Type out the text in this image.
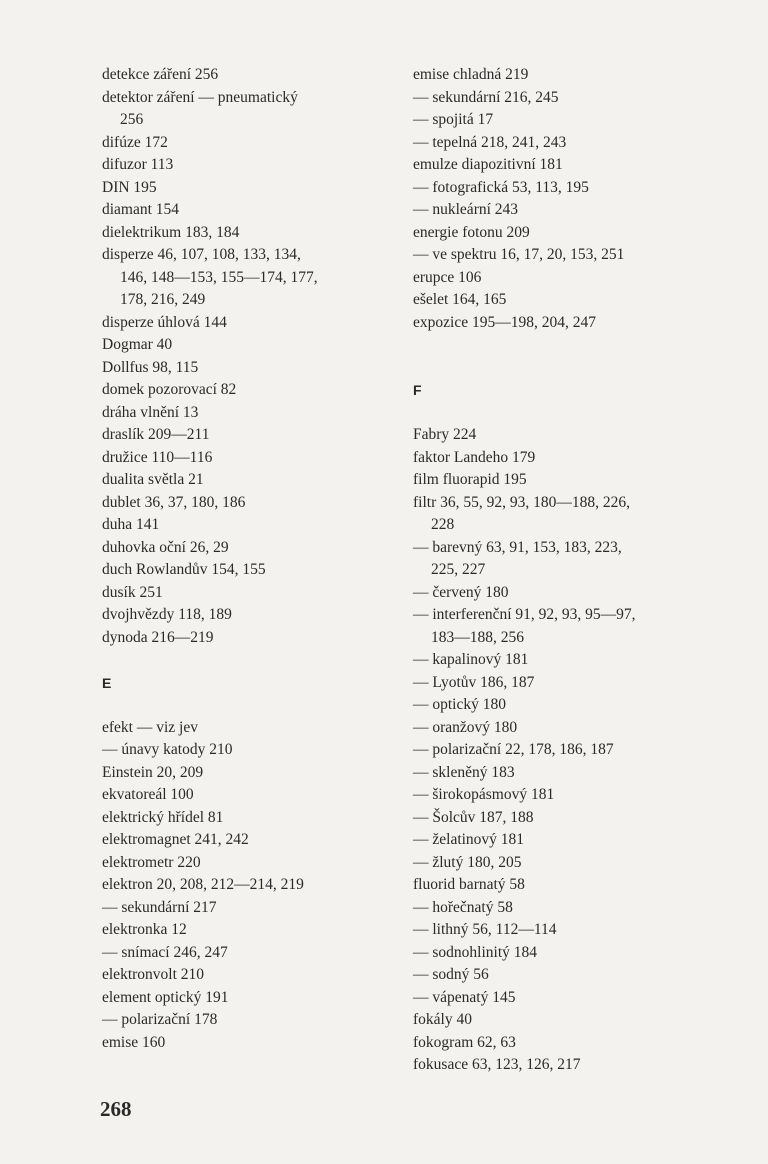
detekce záření 256
detektor záření — pneumatický
256
difúze 172
difuzor 113
DIN 195
diamant 154
dielektrikum 183, 184
disperze 46, 107, 108, 133, 134,
146, 148—153, 155—174, 177,
178, 216, 249
disperze úhlová 144
Dogmar 40
Dollfus 98, 115
domek pozorovací 82
dráha vlnění 13
draslík 209—211
družice 110—116
dualita světla 21
dublet 36, 37, 180, 186
duha 141
duhovka oční 26, 29
duch Rowlandův 154, 155
dusík 251
dvojhvězdy 118, 189
dynoda 216—219
E
efekt — viz jev
— únavy katody 210
Einstein 20, 209
ekvatoreál 100
elektrický hřídel 81
elektromagnet 241, 242
elektrometr 220
elektron 20, 208, 212—214, 219
— sekundární 217
elektronka 12
— snímací 246, 247
elektronvolt 210
element optický 191
— polarizační 178
emise 160
emise chladná 219
— sekundární 216, 245
— spojitá 17
— tepelná 218, 241, 243
emulze diapozitivní 181
— fotografická 53, 113, 195
— nukleární 243
energie fotonu 209
— ve spektru 16, 17, 20, 153, 251
erupce 106
ešelet 164, 165
expozice 195—198, 204, 247
F
Fabry 224
faktor Landeho 179
film fluorapid 195
filtr 36, 55, 92, 93, 180—188, 226,
228
— barevný 63, 91, 153, 183, 223,
225, 227
— červený 180
— interferenční 91, 92, 93, 95—97,
183—188, 256
— kapalinový 181
— Lyotův 186, 187
— optický 180
— oranžový 180
— polarizační 22, 178, 186, 187
— skleněný 183
— širokopásmový 181
— Šolcův 187, 188
— želatinový 181
— žlutý 180, 205
fluorid barnatý 58
— hořečnatý 58
— lithný 56, 112—114
— sodnohlinitý 184
— sodný 56
— vápenatý 145
fokály 40
fokogram 62, 63
fokusace 63, 123, 126, 217
268
